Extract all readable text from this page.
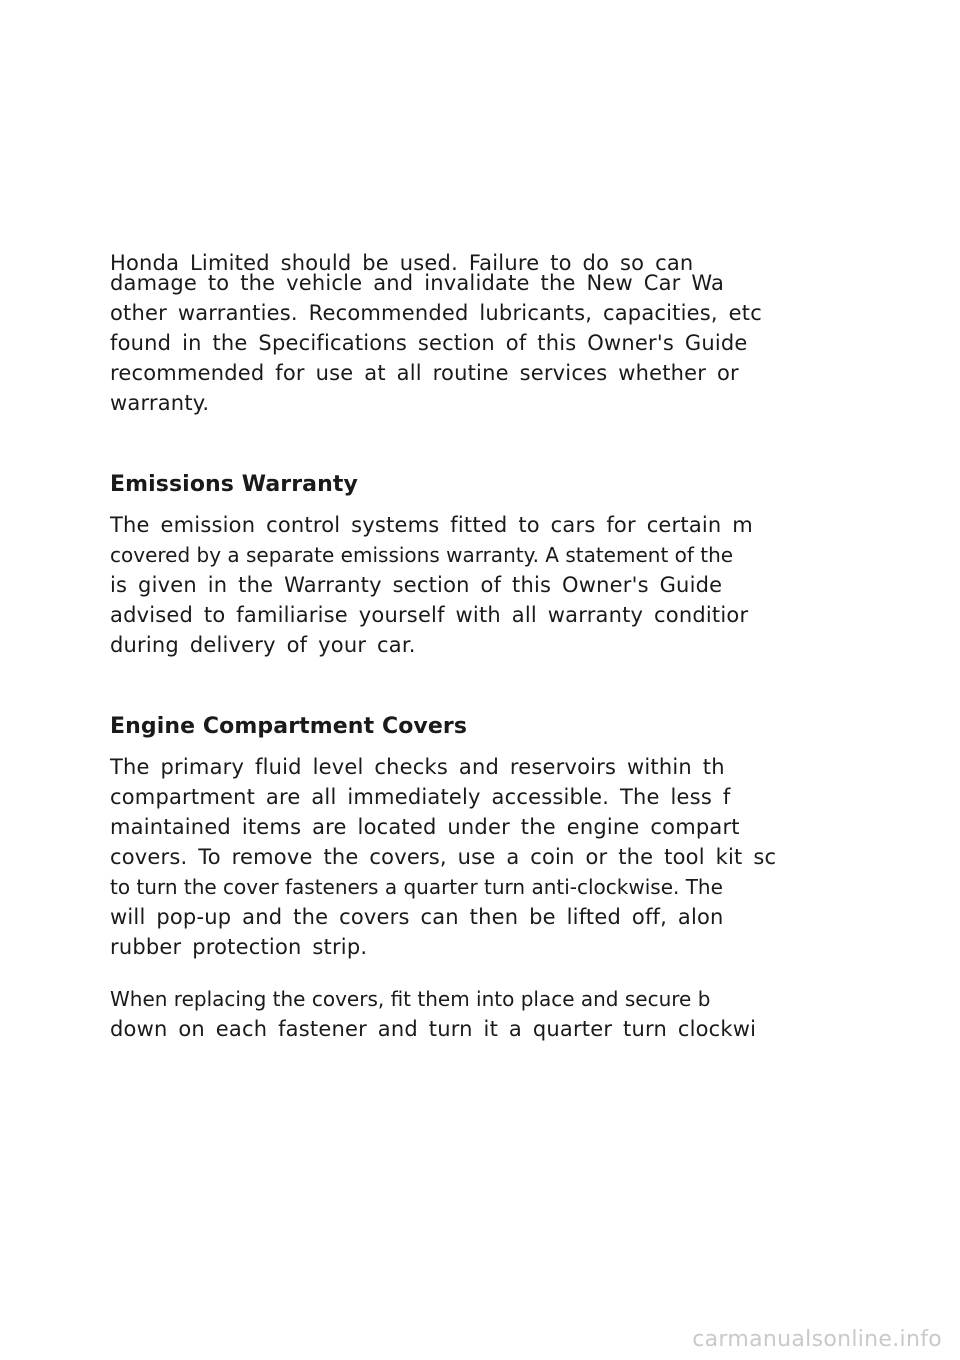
Honda Limited should be used. Failure to do so can
damage to the vehicle and invalidate the New Car Wa
other warranties. Recommended lubricants, capacities, etc
found in the Specifications section of this Owner's Guide
recommended for use at all routine services whether or
warranty.
Emissions Warranty
The emission control systems fitted to cars for certain m
covered by a separate emissions warranty. A statement of the
is given in the Warranty section of this Owner's Guide
advised to familiarise yourself with all warranty conditior
during delivery of your car.
Engine Compartment Covers
The primary fluid level checks and reservoirs within th
compartment are all immediately accessible. The less f
maintained items are located under the engine compart
covers. To remove the covers, use a coin or the tool kit sc
to turn the cover fasteners a quarter turn anti-clockwise. The
will pop-up and the covers can then be lifted off, alon
rubber protection strip.
When replacing the covers, fit them into place and secure b
down on each fastener and turn it a quarter turn clockwi
carmanualsonline.info
